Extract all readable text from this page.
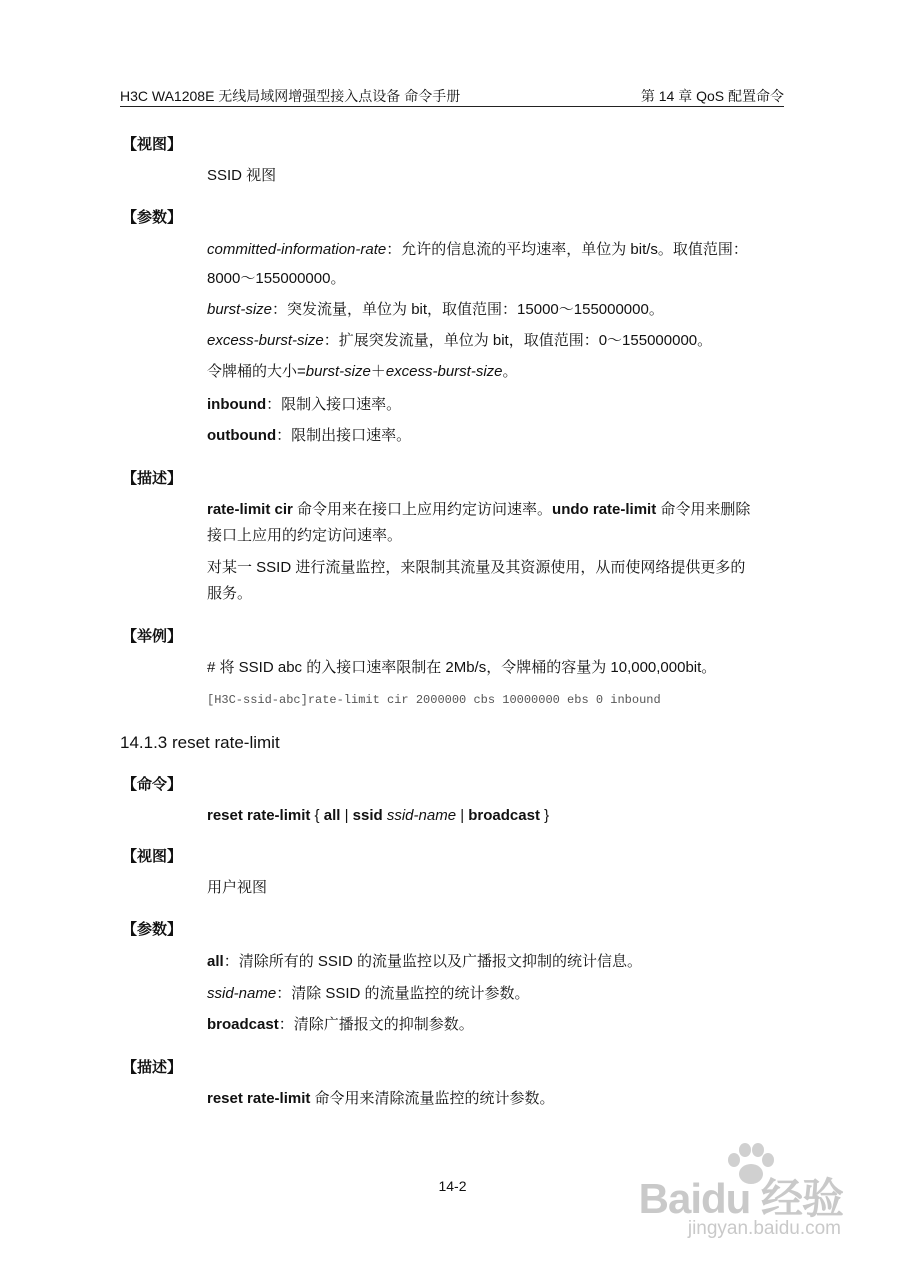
H3C WA1208E 无线局域网增强型接入点设备 命令手册	第 14 章 QoS 配置命令
【视图】
SSID 视图
【参数】
committed-information-rate：允许的信息流的平均速率，单位为 bit/s。取值范围：
8000～155000000。
burst-size：突发流量，单位为 bit，取值范围：15000～155000000。
excess-burst-size：扩展突发流量，单位为 bit，取值范围：0～155000000。
令牌桶的大小=burst-size＋excess-burst-size。
inbound：限制入接口速率。
outbound：限制出接口速率。
【描述】
rate-limit cir 命令用来在接口上应用约定访问速率。undo rate-limit 命令用来删除
接口上应用的约定访问速率。
对某一 SSID 进行流量监控，来限制其流量及其资源使用，从而使网络提供更多的
服务。
【举例】
# 将 SSID abc 的入接口速率限制在 2Mb/s，令牌桶的容量为 10,000,000bit。
[H3C-ssid-abc]rate-limit cir 2000000 cbs 10000000 ebs 0 inbound
14.1.3 reset rate-limit
【命令】
reset rate-limit { all | ssid ssid-name | broadcast }
【视图】
用户视图
【参数】
all：清除所有的 SSID 的流量监控以及广播报文抑制的统计信息。
ssid-name：清除 SSID 的流量监控的统计参数。
broadcast：清除广播报文的抑制参数。
【描述】
reset rate-limit 命令用来清除流量监控的统计参数。
14-2	Baidu 经验
jingyan.baidu.com
